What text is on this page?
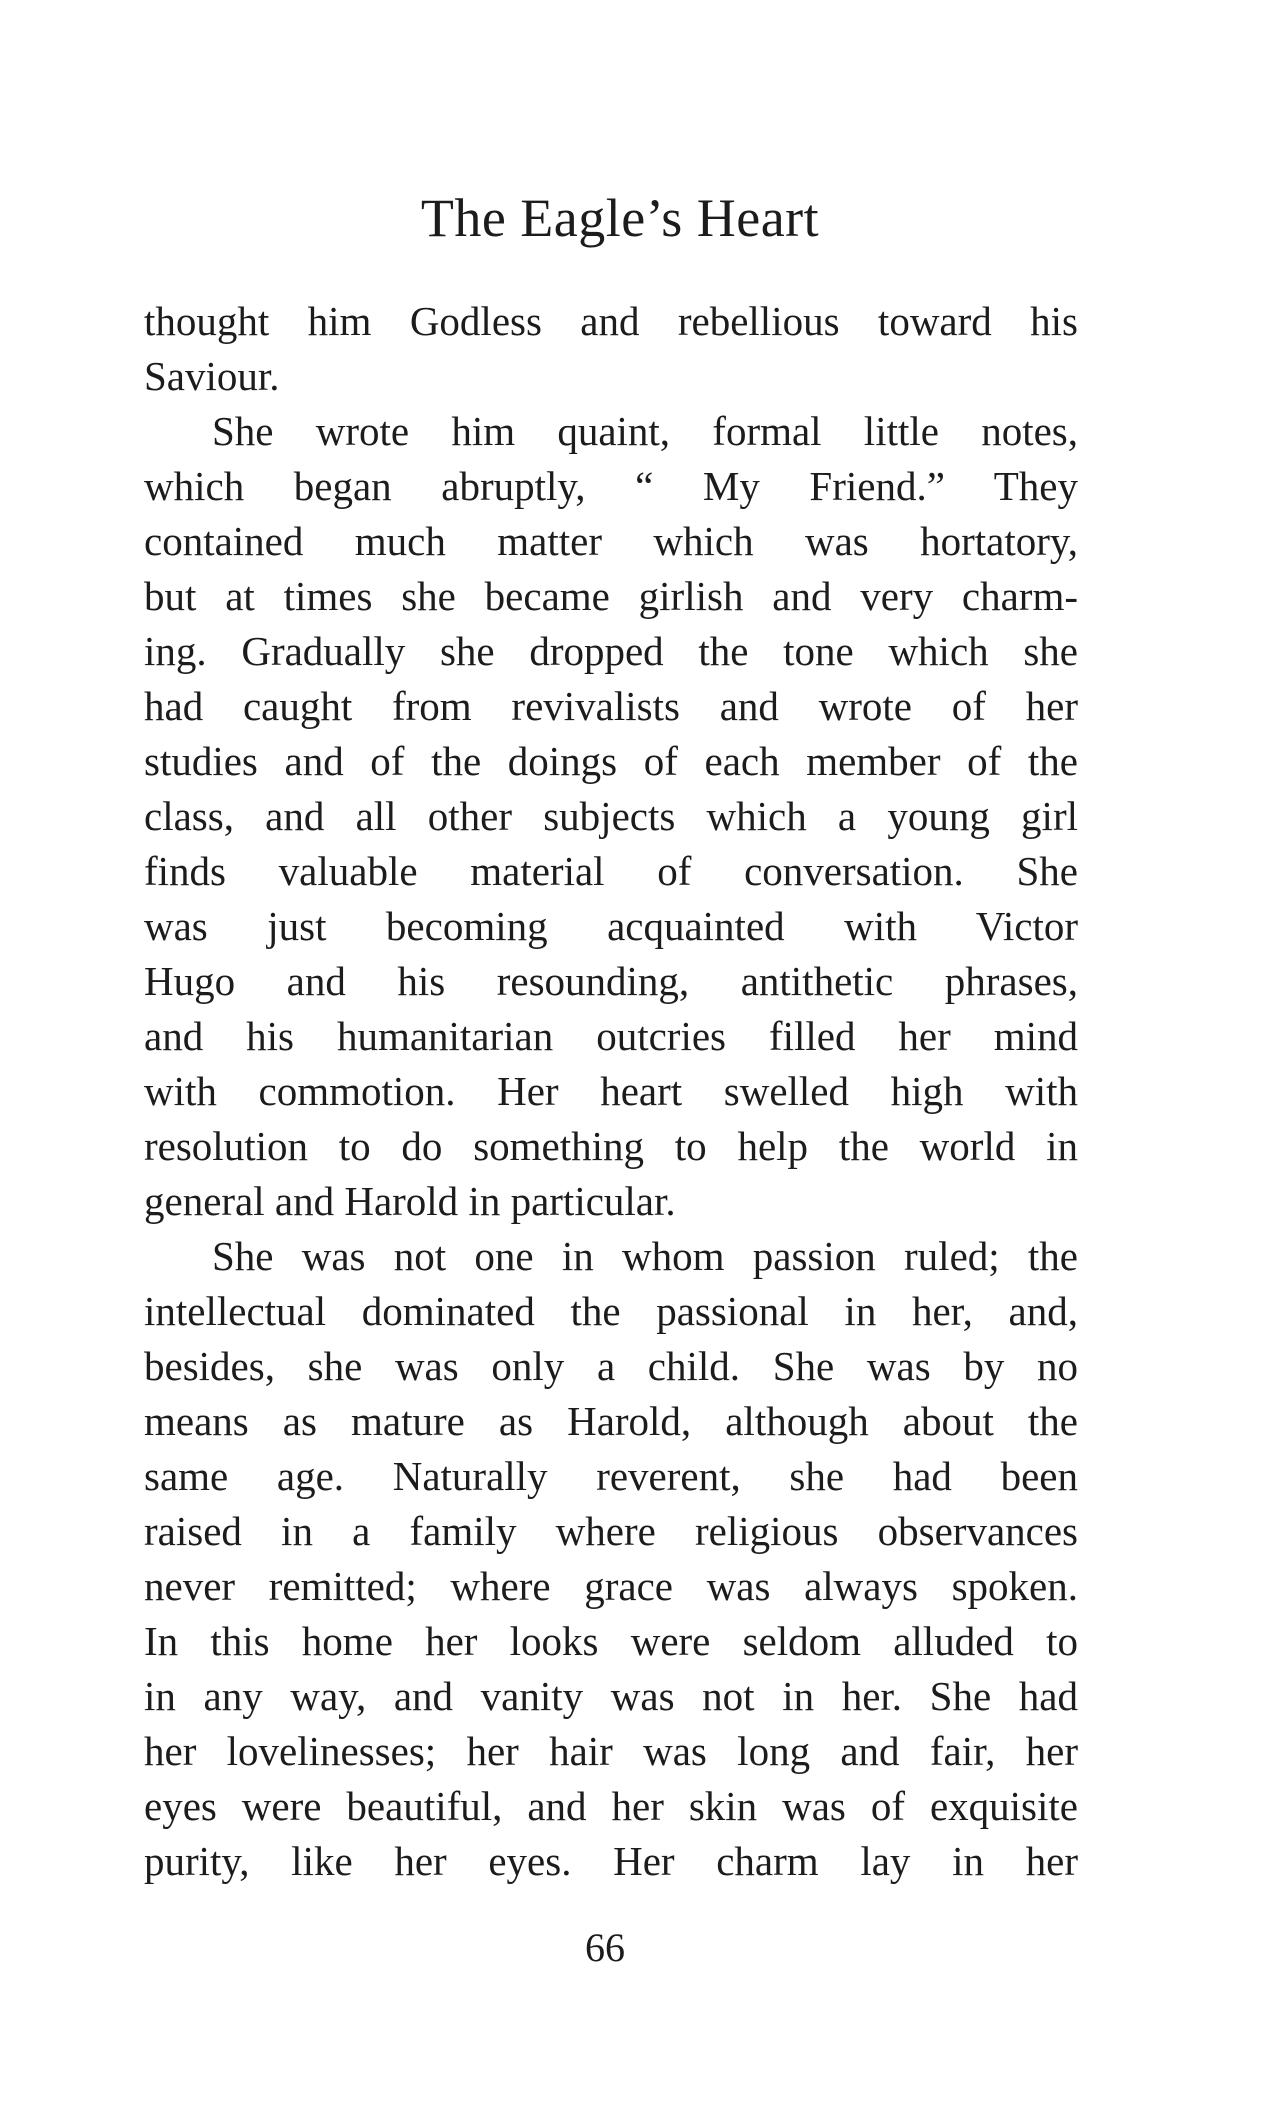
The Eagle’s Heart
thought him Godless and rebellious toward his
Saviour.
She wrote him quaint, formal little notes,
which began abruptly, “ My Friend.” They
contained much matter which was hortatory,
but at times she became girlish and very charm-
ing. Gradually she dropped the tone which she
had caught from revivalists and wrote of her
studies and of the doings of each member of the
class, and all other subjects which a young girl
finds valuable material of conversation. She
was just becoming acquainted with Victor
Hugo and his resounding, antithetic phrases,
and his humanitarian outcries filled her mind
with commotion. Her heart swelled high with
resolution to do something to help the world in
general and Harold in particular.
She was not one in whom passion ruled; the
intellectual dominated the passional in her, and,
besides, she was only a child. She was by no
means as mature as Harold, although about the
same age. Naturally reverent, she had been
raised in a family where religious observances
never remitted; where grace was always spoken.
In this home her looks were seldom alluded to
in any way, and vanity was not in her. She had
her lovelinesses; her hair was long and fair, her
eyes were beautiful, and her skin was of exquisite
purity, like her eyes. Her charm lay in her
66
